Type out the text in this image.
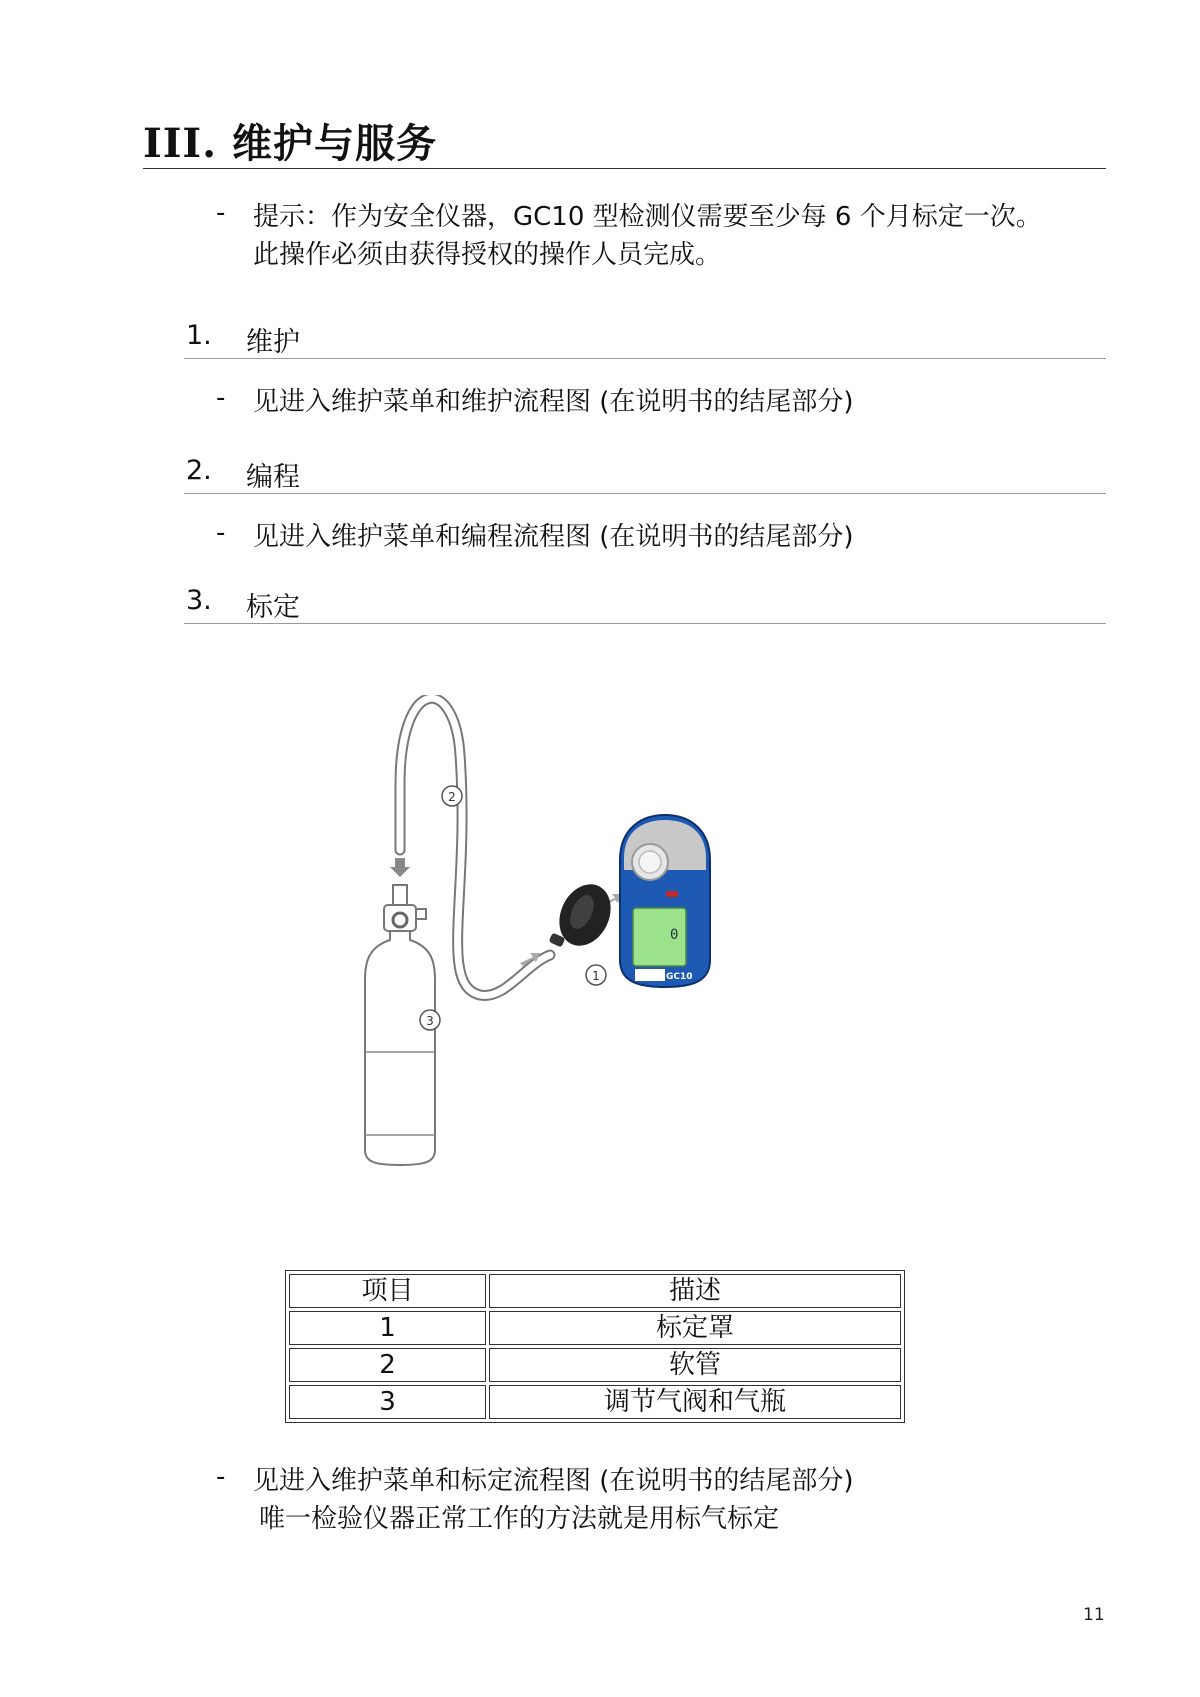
III. 维护与服务
- 提示：作为安全仪器，GC10 型检测仪需要至少每 6 个月标定一次。
此操作必须由获得授权的操作人员完成。
1. 维护
- 见进入维护菜单和维护流程图 (在说明书的结尾部分)
2. 编程
- 见进入维护菜单和编程流程图 (在说明书的结尾部分)
3. 标定
0
GC10
1
2
3
项目	描述
1	标定罩
2	软管
3	调节气阀和气瓶
- 见进入维护菜单和标定流程图 (在说明书的结尾部分)
唯一检验仪器正常工作的方法就是用标气标定
11
